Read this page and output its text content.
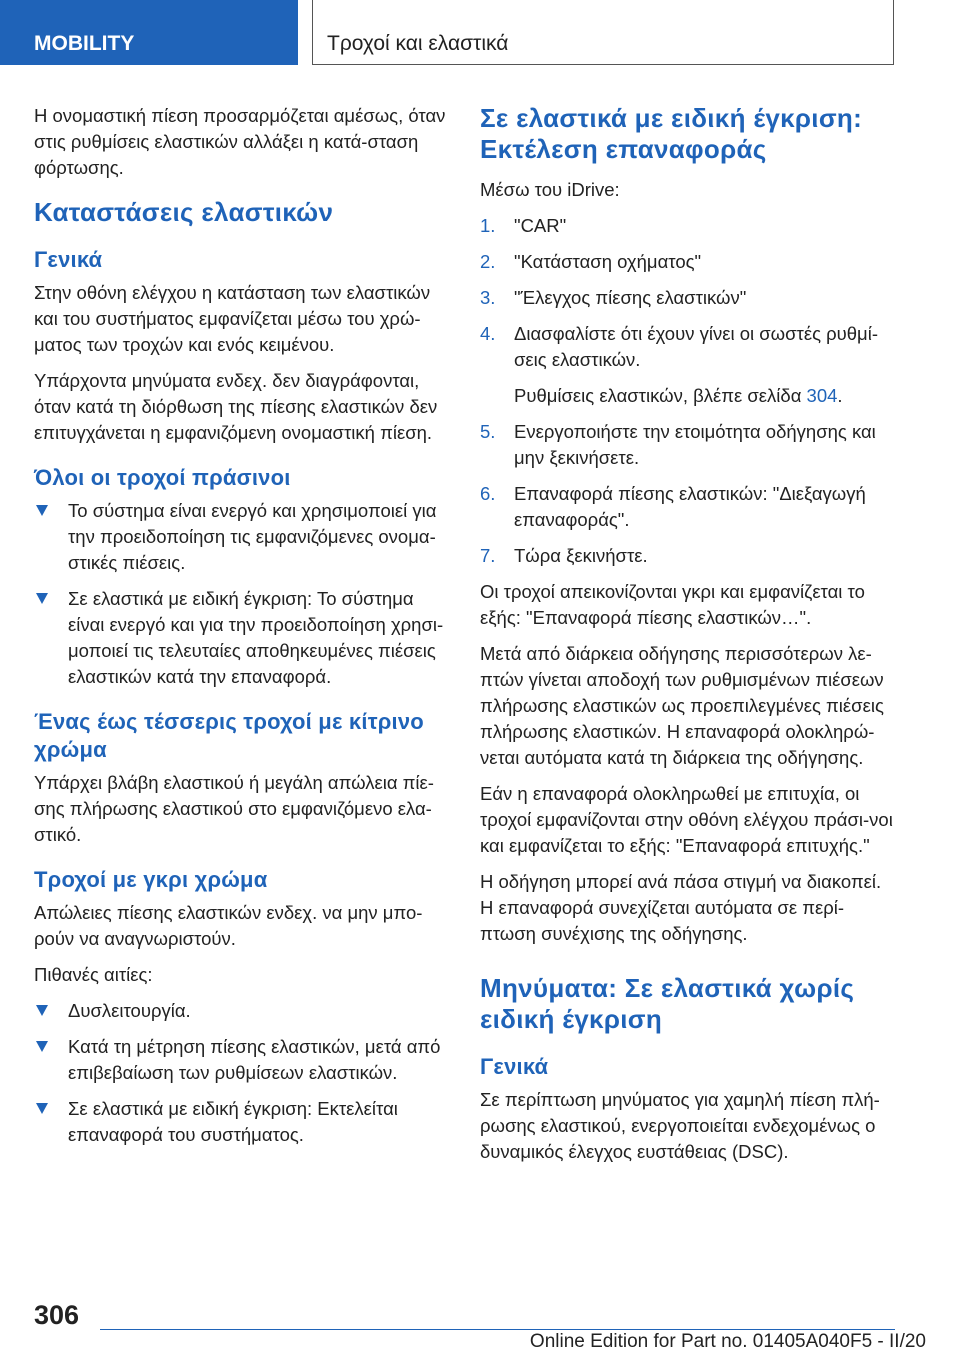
MOBILITY	Τροχοί και ελαστικά

Η ονομαστική πίεση προσαρμόζεται αμέσως, όταν στις ρυθμίσεις ελαστικών αλλάξει η κατά-σταση φόρτωσης.

Καταστάσεις ελαστικών
Γενικά

Στην οθόνη ελέγχου η κατάσταση των ελαστικών και του συστήματος εμφανίζεται μέσω του χρώ-ματος των τροχών και ενός κειμένου.

Υπάρχοντα μηνύματα ενδεχ. δεν διαγράφονται, όταν κατά τη διόρθωση της πίεσης ελαστικών δεν επιτυγχάνεται η εμφανιζόμενη ονομαστική πίεση.

Όλοι οι τροχοί πράσινοι
Το σύστημα είναι ενεργό και χρησιμοποιεί για την προειδοποίηση τις εμφανιζόμενες ονομα-στικές πιέσεις.
Σε ελαστικά με ειδική έγκριση: Το σύστημα είναι ενεργό και για την προειδοποίηση χρησι-μοποιεί τις τελευταίες αποθηκευμένες πιέσεις ελαστικών κατά την επαναφορά.
Ένας έως τέσσερις τροχοί με κίτρινο χρώμα

Υπάρχει βλάβη ελαστικού ή μεγάλη απώλεια πίε-σης πλήρωσης ελαστικού στο εμφανιζόμενο ελα-στικό.

Τροχοί με γκρι χρώμα

Απώλειες πίεσης ελαστικών ενδεχ. να μην μπο-ρούν να αναγνωριστούν.

Πιθανές αιτίες:

Δυσλειτουργία.
Κατά τη μέτρηση πίεσης ελαστικών, μετά από επιβεβαίωση των ρυθμίσεων ελαστικών.
Σε ελαστικά με ειδική έγκριση: Εκτελείται επαναφορά του συστήματος.
Σε ελαστικά με ειδική έγκριση: Εκτέλεση επαναφοράς

Μέσω του iDrive:

1. "CAR"
2. "Κατάσταση οχήματος"
3. "Έλεγχος πίεσης ελαστικών"
4. Διασφαλίστε ότι έχουν γίνει οι σωστές ρυθμί-σεις ελαστικών.
Ρυθμίσεις ελαστικών, βλέπε σελίδα 304.
5. Ενεργοποιήστε την ετοιμότητα οδήγησης και μην ξεκινήσετε.
6. Επαναφορά πίεσης ελαστικών: "Διεξαγωγή επαναφοράς".
7. Τώρα ξεκινήστε.

Οι τροχοί απεικονίζονται γκρι και εμφανίζεται το εξής: "Επαναφορά πίεσης ελαστικών…".

Μετά από διάρκεια οδήγησης περισσότερων λε-πτών γίνεται αποδοχή των ρυθμισμένων πιέσεων πλήρωσης ελαστικών ως προεπιλεγμένες πιέσεις πλήρωσης ελαστικών. Η επαναφορά ολοκληρώ-νεται αυτόματα κατά τη διάρκεια της οδήγησης.

Εάν η επαναφορά ολοκληρωθεί με επιτυχία, οι τροχοί εμφανίζονται στην οθόνη ελέγχου πράσι-νοι και εμφανίζεται το εξής: "Επαναφορά επιτυχής."

Η οδήγηση μπορεί ανά πάσα στιγμή να διακοπεί. Η επαναφορά συνεχίζεται αυτόματα σε περί-πτωση συνέχισης της οδήγησης.

Μηνύματα: Σε ελαστικά χωρίς ειδική έγκριση
Γενικά

Σε περίπτωση μηνύματος για χαμηλή πίεση πλή-ρωσης ελαστικού, ενεργοποιείται ενδεχομένως ο δυναμικός έλεγχος ευστάθειας (DSC).

306
Online Edition for Part no. 01405A040F5 - II/20
